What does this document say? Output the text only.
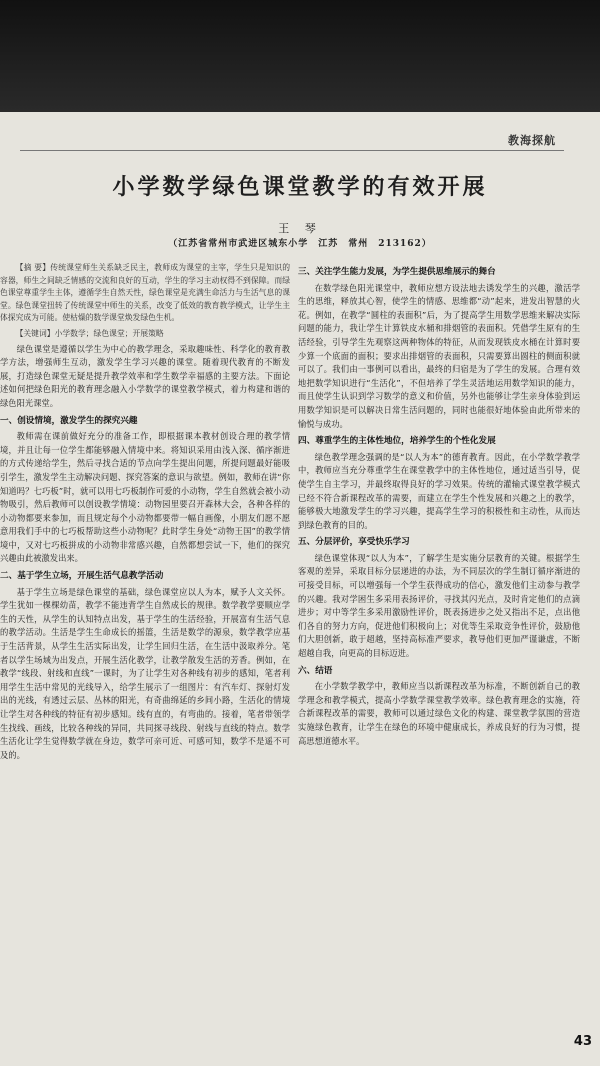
教海探航
小学数学绿色课堂教学的有效开展
王 琴
（江苏省常州市武进区城东小学　江苏　常州　213162）

【摘 要】传统课堂师生关系缺乏民主，教师成为课堂的主宰，学生只是知识的容器，师生之间缺乏情感的交流和良好的互动，学生的学习主动权得不到保障。而绿色课堂尊重学生主体，遵循学生自然天性，绿色课堂是充满生命活力与生活气息的课堂。绿色课堂扭转了传统课堂中师生的关系，改变了低效的教育教学模式，让学生主体探究成为可能。使枯燥的数学课堂焕发绿色生机。

【关键词】小学数学；绿色课堂；开展策略

绿色课堂是遵循以学生为中心的教学理念，采取趣味性、科学化的教育教学方法，增强师生互动，激发学生学习兴趣的课堂。随着现代教育的不断发展，打造绿色课堂无疑是提升教学效率和学生数学幸福感的主要方法。下面论述如何把绿色阳光的教育理念融入小学数学的课堂教学模式，着力构建和谐的绿色阳光课堂。

一、创设情境，激发学生的探究兴趣

教师需在课前做好充分的准备工作，即根据课本教材创设合理的教学情境，并且让每一位学生都能够融入情境中来。将知识采用由浅入深、循序渐进的方式传递给学生，然后寻找合适的节点向学生提出问题，所提问题最好能吸引学生，激发学生主动解决问题、探究答案的意识与欲望。例如，教师在讲“你知道吗？七巧板”时，就可以用七巧板制作可爱的小动物，学生自然就会被小动物吸引，然后教师可以创设教学情境：动物园里要召开森林大会，各种各样的小动物都要来参加，而且规定每个小动物都要带一幅自画像，小朋友们愿不愿意用我们手中的七巧板帮助这些小动物呢？此时学生身处“动物王国”的教学情境中，又对七巧板拼成的小动物非常感兴趣，自然都想尝试一下，他们的探究兴趣由此被激发出来。

二、基于学生立场，开展生活气息教学活动

基于学生立场是绿色课堂的基础，绿色课堂应以人为本，赋予人文关怀。学生犹如一棵棵幼苗，教学不能违背学生自然成长的规律。数学教学要顺应学生的天性，从学生的认知特点出发，基于学生的生活经验，开展富有生活气息的教学活动。生活是学生生命成长的摇篮，生活是数学的源泉，数学教学应基于生活背景，从学生生活实际出发，让学生回归生活，在生活中汲取养分。笔者以学生场域为出发点，开展生活化教学，让教学散发生活的芳香。例如，在教学“线段、射线和直线”一课时，为了让学生对各种线有初步的感知，笔者利用学生生活中常见的光线导入，给学生展示了一组图片：有汽车灯、探射灯发出的光线，有透过云层、丛林的阳光，有奇曲绵延的乡间小路，生活化的情境让学生对各种线的特征有初步感知。线有直的，有弯曲的。接着，笔者带领学生找线、画线，比较各种线的异同，共同探寻线段、射线与直线的特点。数学生活化让学生觉得数学就在身边，数学可亲可近、可感可知，数学不是遥不可及的。

三、关注学生能力发展，为学生提供思维展示的舞台

在数学绿色阳光课堂中，教师应想方设法地去诱发学生的兴趣，激活学生的思维，释放其心智，使学生的情感、思维都“动”起来，进发出智慧的火花。例如，在教学“圆柱的表面积”后，为了提高学生用数学思维来解决实际问题的能力，我让学生计算铁皮水桶和排烟管的表面积。凭借学生原有的生活经验，引导学生先观察这两种物体的特征，从而发现铁皮水桶在计算时要少算一个底面的面积；要求出排烟管的表面积，只需要算出圆柱的侧面积就可以了。我们由一事例可以看出，最终的归宿是为了学生的发展。合理有效地把数学知识进行“生活化”，不但培养了学生灵活地运用数学知识的能力，而且使学生认识到学习数学的意义和价值，另外也能够让学生亲身体验到运用数学知识是可以解决日常生活问题的，同时也能很好地体验由此所带来的愉悦与成功。

四、尊重学生的主体性地位，培养学生的个性化发展

绿色教学理念强调的是“以人为本”的德育教育。因此，在小学数学教学中，教师应当充分尊重学生在课堂教学中的主体性地位，通过适当引导，促使学生自主学习，并最终取得良好的学习效果。传统的灌输式课堂教学模式已经不符合新课程改革的需要，而建立在学生个性发展和兴趣之上的教学，能够极大地激发学生的学习兴趣，提高学生学习的积极性和主动性，从而达到绿色教育的目的。

五、分层评价，享受快乐学习

绿色课堂体现“以人为本”，了解学生是实施分层教育的关键。根据学生客观的差异，采取目标分层递进的办法，为不同层次的学生制订循序渐进的可接受目标，可以增强每一个学生获得成功的信心，激发他们主动参与教学的兴趣。我对学困生多采用表扬评价，寻找其闪光点，及时肯定他们的点滴进步；对中等学生多采用激励性评价，既表扬进步之处又指出不足，点出他们各自的努力方向，促进他们积极向上；对优等生采取竞争性评价，鼓励他们大胆创新，敢于超越，坚持高标准严要求，教导他们更加严谨谦虚，不断超越自我，向更高的目标迈进。

六、结语

在小学数学教学中，教师应当以新课程改革为标准，不断创新自己的教学理念和教学模式，提高小学数学课堂教学效率。绿色教育理念的实施，符合新课程改革的需要，教师可以通过绿色文化的构建、课堂教学氛围的营造实施绿色教育，让学生在绿色的环境中健康成长，养成良好的行为习惯，提高思想道德水平。

43
